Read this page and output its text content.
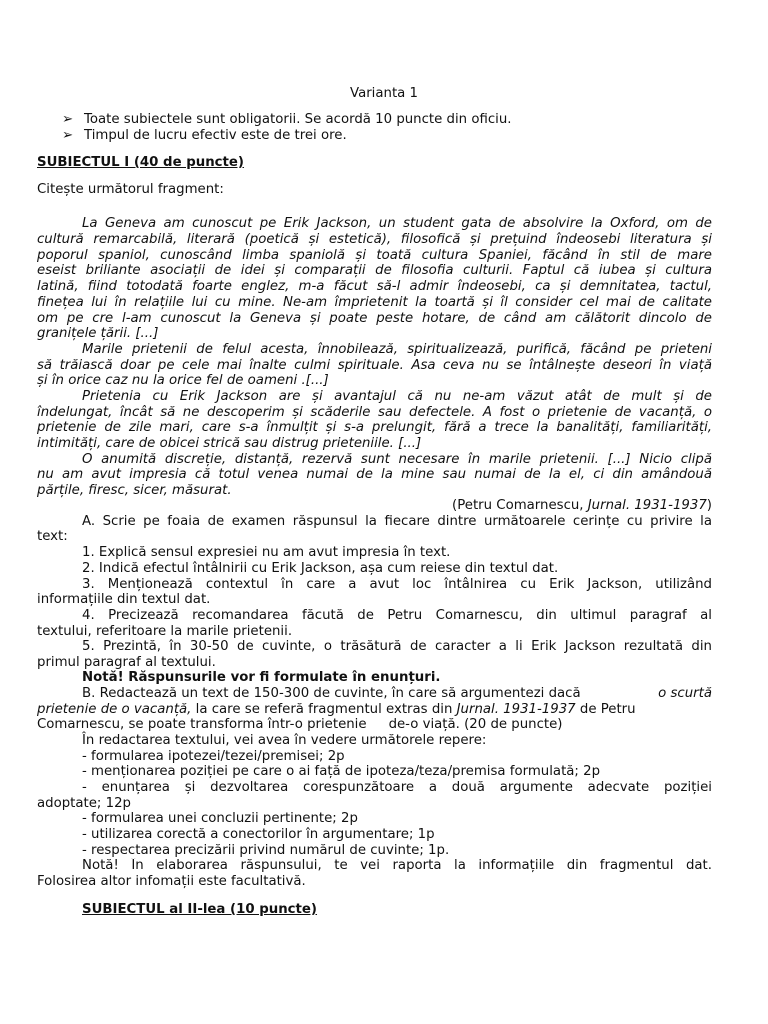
Varianta 1
➢ Toate subiectele sunt obligatorii. Se acordă 10 puncte din oficiu.
➢ Timpul de lucru efectiv este de trei ore.
SUBIECTUL I (40 de puncte)
Citește următorul fragment:
La Geneva am cunoscut pe Erik Jackson, un student gata de absolvire la Oxford, om de
cultură remarcabilă, literară (poetică și estetică), filosofică și prețuind îndeosebi literatura și
poporul spaniol, cunoscând limba spaniolă și toată cultura Spaniei, făcând în stil de mare
eseist briliante asociații de idei și comparații de filosofia culturii. Faptul că iubea și cultura
latină, fiind totodată foarte englez, m-a făcut să-l admir îndeosebi, ca și demnitatea, tactul,
finețea lui în relațiile lui cu mine. Ne-am împrietenit la toartă și îl consider cel mai de calitate
om pe cre l-am cunoscut la Geneva și poate peste hotare, de când am călătorit dincolo de
granițele țării. [...]
Marile prietenii de felul acesta, înnobilează, spiritualizează, purifică, făcând pe prieteni
să trăiască doar pe cele mai înalte culmi spirituale. Asa ceva nu se întâlnește deseori în viață
și în orice caz nu la orice fel de oameni .[...]
Prietenia cu Erik Jackson are și avantajul că nu ne-am văzut atât de mult și de
îndelungat, încât să ne descoperim și scăderile sau defectele. A fost o prietenie de vacanță, o
prietenie de zile mari, care s-a înmulțit și s-a prelungit, fără a trece la banalități, familiarități,
intimități, care de obicei strică sau distrug prieteniile. [...]
O anumită discreție, distanță, rezervă sunt necesare în marile prietenii. [...] Nicio clipă
nu am avut impresia că totul venea numai de la mine sau numai de la el, ci din amândouă
părțile, firesc, sicer, măsurat.
(Petru Comarnescu, Jurnal. 1931-1937)
A. Scrie pe foaia de examen răspunsul la fiecare dintre următoarele cerințe cu privire la
text:
1. Explică sensul expresiei nu am avut impresia în text.
2. Indică efectul întâlnirii cu Erik Jackson, așa cum reiese din textul dat.
3. Menționează contextul în care a avut loc întâlnirea cu Erik Jackson, utilizând
informațiile din textul dat.
4. Precizează recomandarea făcută de Petru Comarnescu, din ultimul paragraf al
textului, referitoare la marile prietenii.
5. Prezintă, în 30-50 de cuvinte, o trăsătură de caracter a li Erik Jackson rezultată din
primul paragraf al textului.
Notă! Răspunsurile vor fi formulate în enunțuri.
B. Redactează un text de 150-300 de cuvinte, în care să argumentezi dacă	o scurtă
prietenie de o vacanță, la care se referă fragmentul extras din Jurnal. 1931-1937 de Petru
Comarnescu, se poate transforma într-o prietenie de-o viață. (20 de puncte)
În redactarea textului, vei avea în vedere următorele repere:
- formularea ipotezei/tezei/premisei; 2p
- menționarea poziției pe care o ai față de ipoteza/teza/premisa formulată; 2p
- enunțarea și dezvoltarea corespunzătoare a două argumente adecvate poziției
adoptate; 12p
- formularea unei concluzii pertinente; 2p
- utilizarea corectă a conectorilor în argumentare; 1p
- respectarea precizării privind numărul de cuvinte; 1p.
Notă! În elaborarea răspunsului, te vei raporta la informațiile din fragmentul dat.
Folosirea altor infomații este facultativă.
SUBIECTUL al II-lea (10 puncte)
